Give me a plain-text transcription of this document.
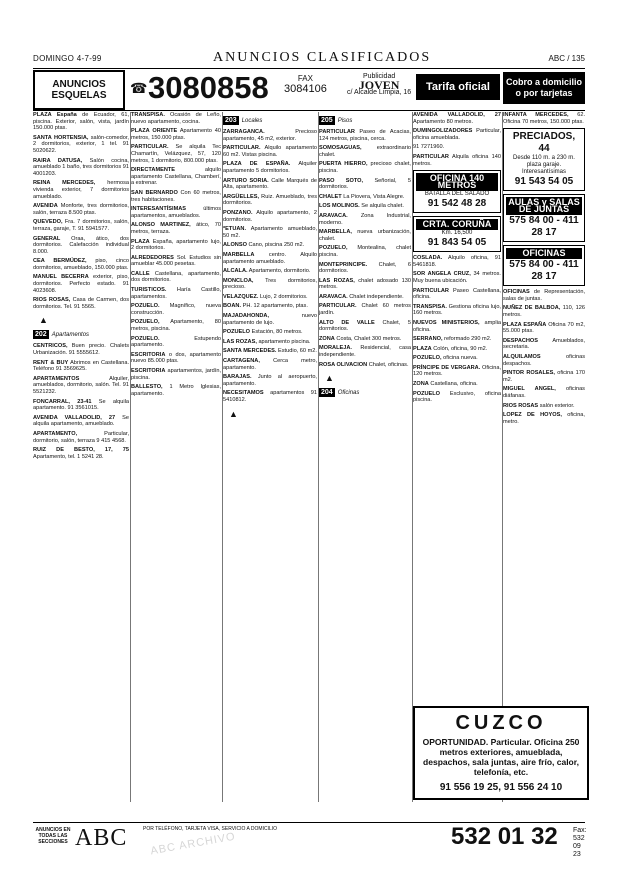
DOMINGO 4-7-99	ANUNCIOS CLASIFICADOS	ABC / 135
ANUNCIOS
ESQUELAS ☎ 3080858	FAX
3084106
Publicidad
JOVEN
c/ Alcalde Limpia, 16	Tarifa oficial	Cobro a domicilio o por tarjetas

PLAZA España de Ecuador, 61, piscina. Exterior, salón, vista, jardín 150.000 ptas.

SANTA HORTENSIA, salón-comedor, 2 dormitorios, exterior, 1 tel. 91 5020622.

RAIRA DATUSA, Salón cocina, amueblado 1 baño, tres dormitorios 91 4001203.

REINA MERCEDES, hermosa vivienda exterior, 7 dormitorios amueblado.

AVENIDA Monforte, tres dormitorios, salón, terraza 8.500 ptas.

QUEVEDO, Fra. 7 dormitorios, salón, terraza, garaje, T. 91 5941577.

GENERAL Oraa, ático, dos dormitorios. Calefacción individual 8.000.

CEA BERMÚDEZ, piso, cinco dormitorios, amueblado, 150.000 ptas.

MANUEL BECERRA exterior, piso, dormitorios. Perfecto estado. 91 4023608.

RIOS ROSAS, Casa de Carmen, dos dormitorios. Tel. 91 5565.

▲
202 Apartamentos

CENTRICOS, Buen precio. Chalets Urbanización. 91 5555612.

RENT & BUY Abrimos en Castellana. Teléfono 91 3569625.

APARTAMENTOS	Alquiler, amueblados, dormitorio, salón. Tel. 91 5521232.

FONCARRAL, 23-41 Se alquila apartamento. 91 3561015.

AVENIDA VALLADOLID, 27 Se alquila apartamento, amueblado.

APARTAMENTO,	Particular, dormitorio, salón, terraza 9 415 4568.

RUIZ DE BESTO, 17, 75 Apartamento, tel. 1 5241 28.

TRANSPISA. Ocasión de Leño, nuevo apartamento, cocina.

PLAZA ORIENTE Apartamento 40 metros, 150.000 ptas.

PARTICULAR. Se alquila Tec Chamartín, Velázquez, 57, 120 metros, 1 dormitorio, 800.000 ptas.

DIRECTAMENTE	alquilo apartamento Castellana, Chamberí, a estrenar.

SAN BERNARDO Con 60 metros, tres habitaciones.

INTERESANTÍSIMAS	últimos apartamentos, amueblados.

ALONSO MARTINEZ, ático, 70 metros, terraza.

PLAZA España, apartamento lujo, 2 dormitorios.

ALREDEDORES Sol. Estudios sin amueblar 45.000 pesetas.

CALLE Castellana, apartamento, dos dormitorios.

TURISTICOS. Haría Castillo, apartamentos.

POZUELO. Magnífico, nueva construcción.

POZUELO, Apartamento, 80 metros, piscina.

POZUELO.	Estupendo apartamento.

ESCRITORIA o dos, apartamento nuevo 85.000 ptas.

ESCRITORIA apartamentos, jardín, piscina.

BALLESTO, 1 Metro Iglesias, apartamento.

203 Locales

ZARRAGANCA.	Precioso apartamento, 45 m2, exterior.

PARTICULAR. Alquilo apartamento 60 m2. Vistas piscina.

PLAZA DE ESPAÑA. Alquiler apartamento 5 dormitorios.

ARTURO SORIA. Calle Marqués de Alta, apartamento.

ARGÜELLES, Ruiz. Amueblado, tres dormitorios.

PONZANO. Alquilo apartamento, 2 dormitorios.

*ETUAN. Apartamento amueblado, 50 m2.

ALONSO Cano, piscina 250 m2.

MARBELLA	centro. Alquilo apartamento amueblado.

ALCALA. Apartamento, dormitorio.

MONCLOA, Tres dormitorios, precioso.

VELAZQUEZ. Lujo, 2 dormitorios.

BOAN. PH. 12 apartamento, ptas.

MAJADAHONDA,	nuevo apartamento de lujo.

POZUELO Estación, 80 metros.

LAS ROZAS, apartamento piscina.

SANTA MERCEDES. Estudio, 60 m2.

CARTAGENA, Cerca metro, apartamento.

BARAJAS. Junto al aeropuerto, apartamento.

NECESITAMOS apartamentos 91 5410812.

▲
205 Pisos

PARTICULAR Paseo de Acacias, 124 metros, piscina, cerca.

SOMOSAGUAS,	extraordinario chalet.

PUERTA HIERRO, precioso chalet, piscina.

PASO SOTO, Señorial, 5 dormitorios.

CHALET La Piovera, Vista Alegre.

LOS MOLINOS. Se alquila chalet.

ARAVACA. Zona Industrial, moderno.

MARBELLA, nueva urbanización, chalet.

POZUELO, Montealina, chalet piscina.

MONTEPRINCIPE. Chalet, 6 dormitorios.

LAS ROZAS, chalet adosado 130 metros.

ARAVACA. Chalet independiente.

PARTICULAR. Chalet 60 metros jardín.

ALTO DE VALLE Chalet, 5 dormitorios.

ZONA Costa, Chalet 300 metros.

MORALEJA. Residencial, casa independiente.

ROSA OLIVACION Chalet, oficinas.

▲
204 Oficinas

AVENIDA VALLADOLID, 27 Apartamento 80 metros.

DUMINGOLIZADORES Particular, oficina amueblada.

91 7271960.

PARTICULAR Alquila oficina 140 metros.

OFICINA 140 METROS
BATALLA DEL SALADO
91 542 48 28
CRTA. CORUÑA
Km. 16,500
91 843 54 05

COSLADA. Alquilo oficina, 91 5461818.

SOR ANGELA CRUZ, 34 metros. Muy buena ubicación.

PARTICULAR Paseo Castellana, oficina.

TRANSPISA. Gestiona oficina lujo, 160 metros.

NUEVOS MINISTERIOS, amplia oficina.

SERRANO, reformado 290 m2.

PLAZA Colón, oficina, 90 m2.

POZUELO, oficina nueva.

PRÍNCIPE DE VERGARA. Oficina, 120 metros.

ZONA Castellana, oficina.

POZUELO Exclusivo, oficina piscina.

INFANTA MERCEDES, 62. Oficina 70 metros, 150.000 ptas.

PRECIADOS, 44
Desde 110 m. a 230 m. plaza garaje. Interesantísimas
91 543 54 05
AULAS y SALAS DE JUNTAS
575 84 00 - 411 28 17
OFICINAS
575 84 00 - 411 28 17

OFICINAS de Representación, salas de juntas.

NUÑEZ DE BALBOA, 110, 126 metros.

PLAZA ESPAÑA Oficina 70 m2, 55.000 ptas.

DESPACHOS	Amueblados, secretaria.

ALQUILAMOS	oficinas despachos.

PINTOR ROSALES, oficina 170 m2.

MIGUEL ANGEL, oficinas diáfanas.

RIOS ROSAS salón exterior.

LOPEZ DE HOYOS, oficina, metro.

CUZCO
OPORTUNIDAD. Particular. Oficina 250 metros exteriores, amueblada, despachos, sala juntas, aire frío, calor, telefonía, etc.
91 556 19 25, 91 556 24 10
ANUNCIOS EN TODAS LAS SECCIONES ABC	POR TELÉFONO, TARJETA VISA, SERVICIO A DOMICILIO	532 01 32 Fax:
532 09 23
ABC ARCHIVO
